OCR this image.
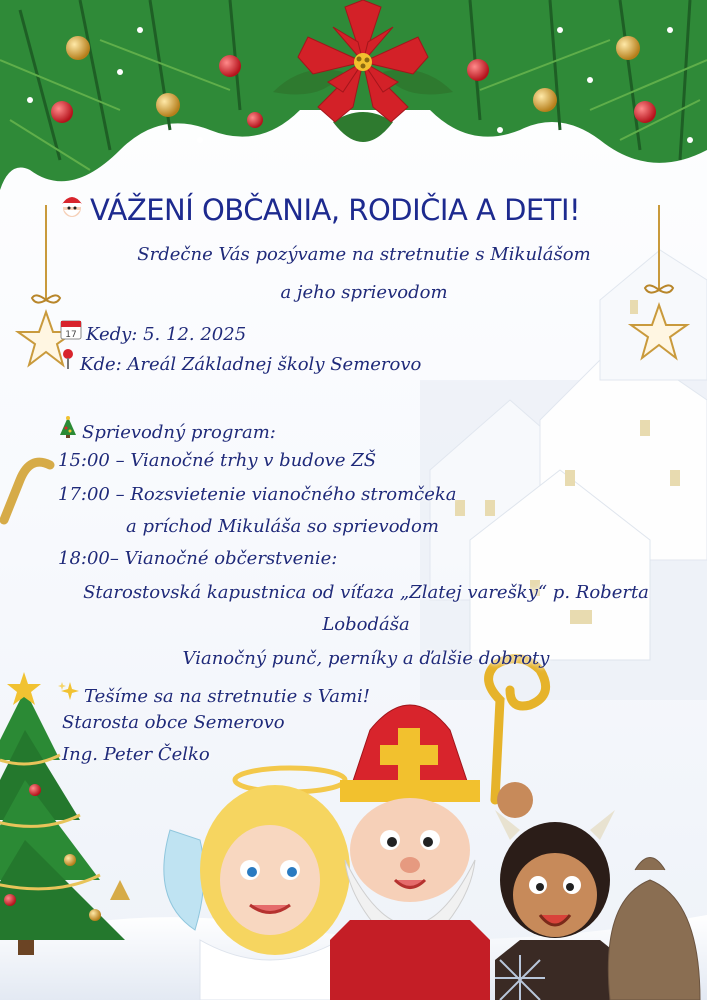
VÁŽENÍ OBČANIA, RODIČIA A DETI!
Srdečne Vás pozývame na stretnutie s Mikulášom
a jeho sprievodom
17 Kedy: 5. 12. 2025
Kde: Areál Základnej školy Semerovo
Sprievodný program:
15:00 – Vianočné trhy v budove ZŠ
17:00 – Rozsvietenie vianočného stromčeka
a príchod Mikuláša so sprievodom
18:00– Vianočné občerstvenie:
Starostovská kapustnica od víťaza „Zlatej varešky“ p. Roberta
Lobodáša
Vianočný punč, perníky a ďalšie dobroty
Tešíme sa na stretnutie s Vami!
Starosta obce Semerovo
Ing. Peter Čelko
